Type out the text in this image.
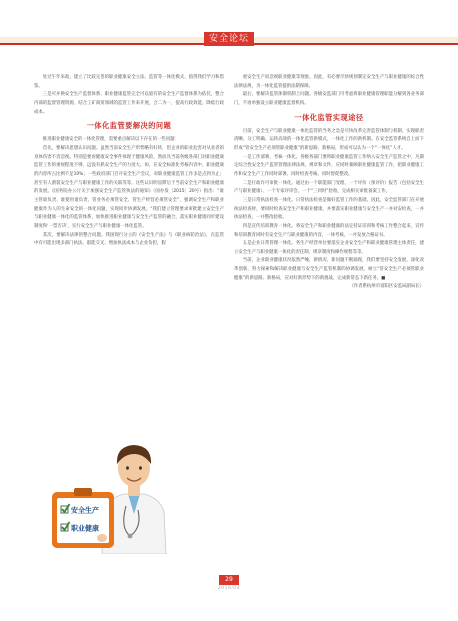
安全论坛

处过午年来政，建立了比较完善的职业健康安全立法、监管等一体化模式，值得我们学习和借鉴。

三是可并换安全生产监督体系、职业健康监管完全可以庭有的安全生产监督体系为依托，整合内部的监督管理资源，结合工矿商贸领域的监管工作来开展，合二为一，提高行政效能，降低行政成本。

一体化监管要解决的问题

推进职业健康安全的一体化管理，需要重点解决以下存在的一些问题：

首先，要解决思想认识问题。虽然当前安全生产形势略有好转，但企业的职业危害对从业者的身体伤害不容忽视。特别是要看健康安全事件体现于健康风险，然而具当前各级各部门对职业健康监管工作的重视程度不够，远没有抓安全生产的力度大。如，在安全标准化考核内容中，职业健康的内容所占比例不足10%；一些政府部门召开安全生产会议，对职业健康监管工作多是点到为止；甚至有人割裂安全生产与职业健康工作的关联等等。这些认识明显滞后于当前安全生产和职业健康的发展。《国务院办公厅关于加强安全生产监管执法的通知》（国办发〔2015〕20号）指出：“谁主管谁负责、谁使用谁负责、管业务必须管安全、管生产经营必须管安全”，强调安全生产和职业健康作为人的生命安全的一体化问题，实现同步协调发展。“我们建立管理要求审批建立安全生产与职业健康一体化的监管体系，加快推进职业健康与安全生产监管的融合，落实职业健康同步建设制度和‘一票否决’，实行安全生产与职业健康一体化监管。

其次，要解决法律的整合问题。我国现行分立的《安全生产法》与《职业病防治法》，在监管中有可能出现多部门执法、职能交叉、增加执法成本与企业负担，假

重安全生产而忽视职业健康等现象。因此，有必要尽快规划制定安全生产与职业健康的综合性法律法规，为一体化监管提供法制保障。

最后，要解决监管体制机制上问题。各级安监部门可考虑将职业健康管理职能分解到各业务部门，不再单独设立职业健康监督机构。

一体化监管实现途径

目前，安全生产与职业健康一体化监管的当务之急是尽快改革完善监管体制与机制，实现职责清晰、分工明确、运转高效的一体化监管新模式，一体化工作的新机制。在安全监管系统自上而下形成“管安全生产必须管职业健康”的新思路、新格局，形成可以认为一个“一体化”人才。

一是工作部署、考核一体化。各级各部门要将职业健康监管工作纳入安全生产监管之中，凡制定综合性安全生产监管管理法律法规、规章和文件，应同时兼顾职业健康监管工作，把职业健康工作和安全生产工作同时部署、同时检查考核、同时督促整改。

二是行政许可审批一体化。通过由一个职能部门受理、一个评价（预评价）报告（包括安全生产与职业健康）、一个专家评审会，一个“三同时”验收，完成相关审批备案工作。

三是日常执法检查一体化。日常执法检查是做好监管工作的基础，因此，安全监管部门在开展执法检查时，要同时检查安全生产和职业健康，并要落实职业健康与安全生产一并对安检查，一并执法检查，一并整改验收。

四是宣传培训教育一体化。将安全生产和职业健康的法定持证培训和考核工作整合起来，宣传和培训教育同时有安全生产与职业健康的内容，一体考核，一并发放合格证书。

五是企业日常管理一体化。各生产经营单位要落实企业安全生产和职业健康管理主体责任，建立安全生产与职业健康一体化的责任制、规章制度和操作规程等等。

当前，企业职业健康状况依然严峻，新情况、新问题不断涌现，我们要坚持安全发展，深化改革创新，努力探索和解决职业健康与安全生产监管机制的协调发展，树立“管安全生产必须管职业健康”的新思路、新格局，应对好新形势下的新挑战，完成新常态下新任务。■

（作者系杭州市富阳区安监局副局长）

安全生产
职业健康
29
2016/04
